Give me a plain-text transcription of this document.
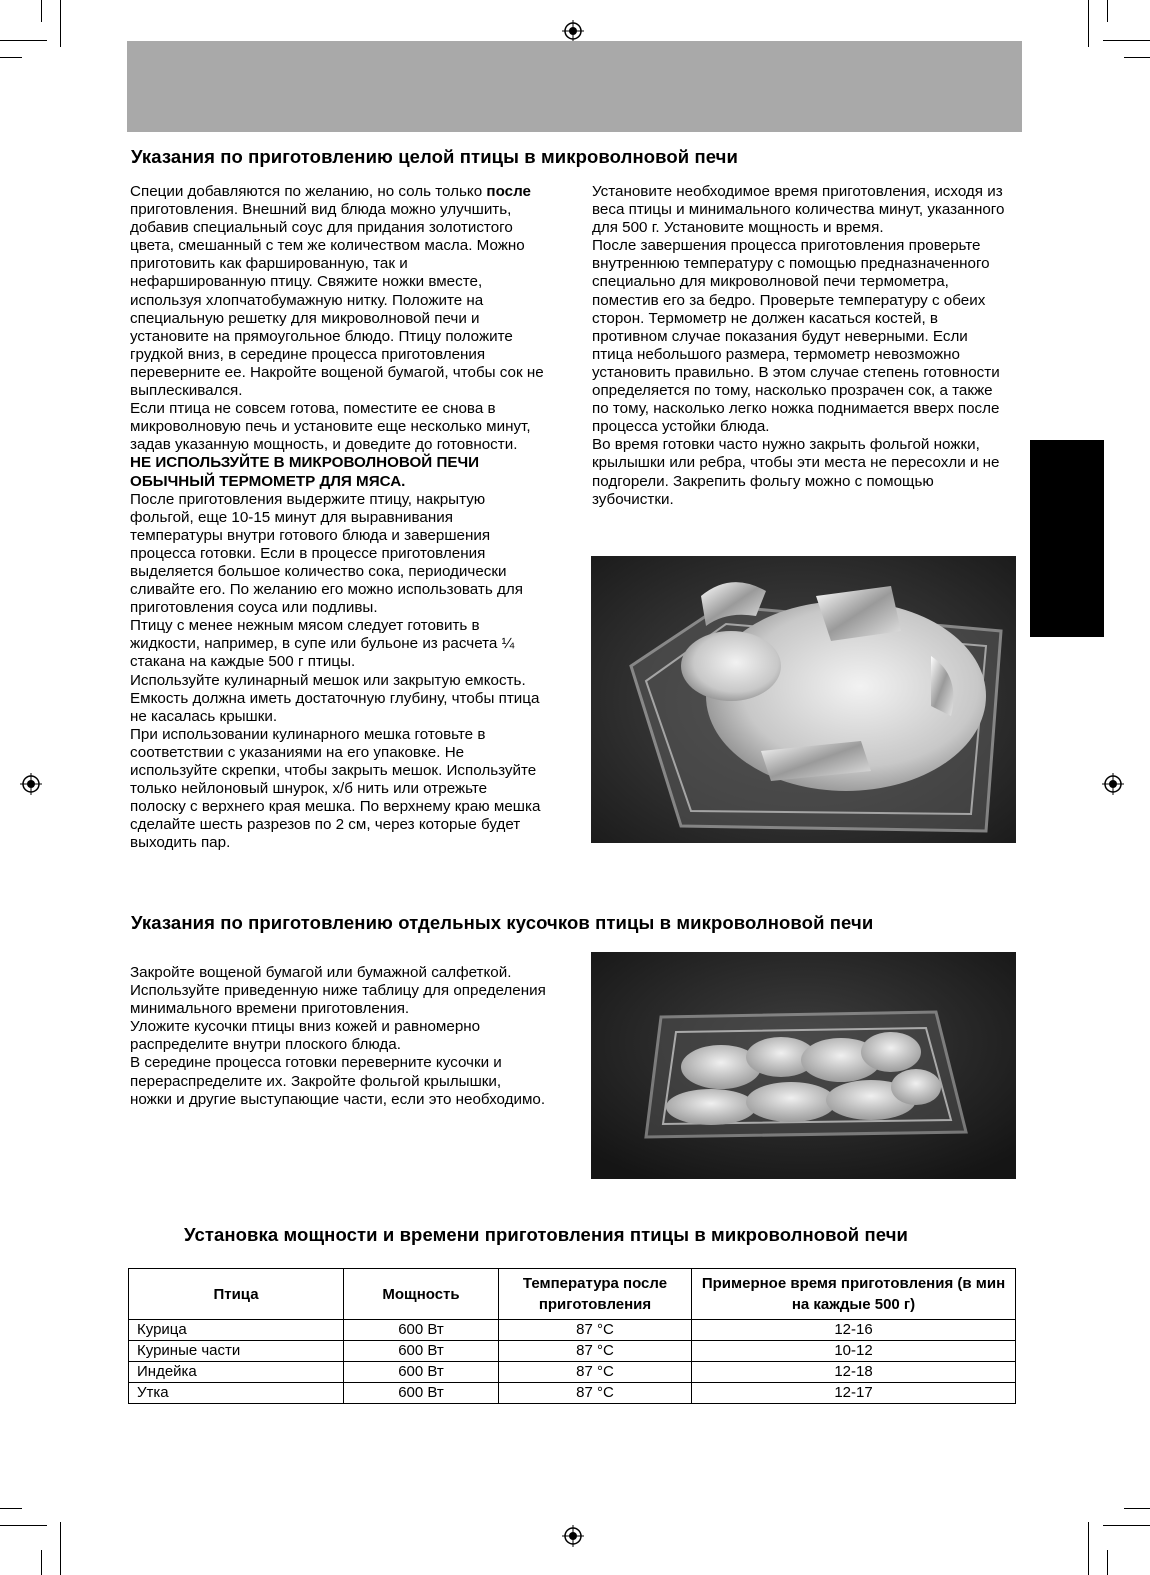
Указания по приготовлению целой птицы в микроволновой печи

Специи добавляются по желанию, но соль только после приготовления. Внешний вид блюда можно улучшить, добавив специальный соус для придания золотистого цвета, смешанный с тем же количеством масла. Можно приготовить как фаршированную, так и нефаршированную птицу. Свяжите ножки вместе, используя хлопчатобумажную нитку. Положите на специальную решетку для микроволновой печи и установите на прямоугольное блюдо. Птицу положите грудкой вниз, в середине процесса приготовления переверните ее. Накройте вощеной бумагой, чтобы сок не выплескивался.

Если птица не совсем готова, поместите ее снова в микроволновую печь и установите еще несколько минут, задав указанную мощность, и доведите до готовности.

НЕ ИСПОЛЬЗУЙТЕ В МИКРОВОЛНОВОЙ ПЕЧИ ОБЫЧНЫЙ ТЕРМОМЕТР ДЛЯ МЯСА.

После приготовления выдержите птицу, накрытую фольгой, еще 10-15 минут для выравнивания температуры внутри готового блюда и завершения процесса готовки. Если в процессе приготовления выделяется большое количество сока, периодически сливайте его. По желанию его можно использовать для приготовления соуса или подливы.

Птицу с менее нежным мясом следует готовить в жидкости, например, в супе или бульоне из расчета ¼ стакана на каждые 500 г птицы.

Используйте кулинарный мешок или закрытую емкость. Емкость должна иметь достаточную глубину, чтобы птица не касалась крышки.

При использовании кулинарного мешка готовьте в соответствии с указаниями на его упаковке. Не используйте скрепки, чтобы закрыть мешок. Используйте только нейлоновый шнурок, х/б нить или отрежьте полоску с верхнего края мешка. По верхнему краю мешка сделайте шесть разрезов по 2 см, через которые будет выходить пар.

Установите необходимое время приготовления, исходя из веса птицы и минимального количества минут, указанного для 500 г. Установите мощность и время.

После завершения процесса приготовления проверьте внутреннюю температуру с помощью предназначенного специально для микроволновой печи термометра, поместив его за бедро. Проверьте температуру с обеих сторон. Термометр не должен касаться костей, в противном случае показания будут неверными. Если птица небольшого размера, термометр невозможно установить правильно. В этом случае степень готовности определяется по тому, насколько прозрачен сок, а также по тому, насколько легко ножка поднимается вверх после процесса устойки блюда.

Во время готовки часто нужно закрыть фольгой ножки, крылышки или ребра, чтобы эти места не пересохли и не подгорели. Закрепить фольгу можно с помощью зубочистки.

Указания по приготовлению отдельных кусочков птицы в микроволновой печи

Закройте вощеной бумагой или бумажной салфеткой. Используйте приведенную ниже таблицу для определения минимального времени приготовления.

Уложите кусочки птицы вниз кожей и равномерно распределите внутри плоского блюда.

В середине процесса готовки переверните кусочки и перераспределите их. Закройте фольгой крылышки, ножки и другие выступающие части, если это необходимо.

Установка мощности и времени приготовления птицы в микроволновой печи
Птица	Мощность	Температура после приготовления	Примерное время приготовления (в мин на каждые 500 г)
Курица	600 Вт	87 °C	12-16
Куриные части	600 Вт	87 °C	10-12
Индейка	600 Вт	87 °C	12-18
Утка	600 Вт	87 °C	12-17
